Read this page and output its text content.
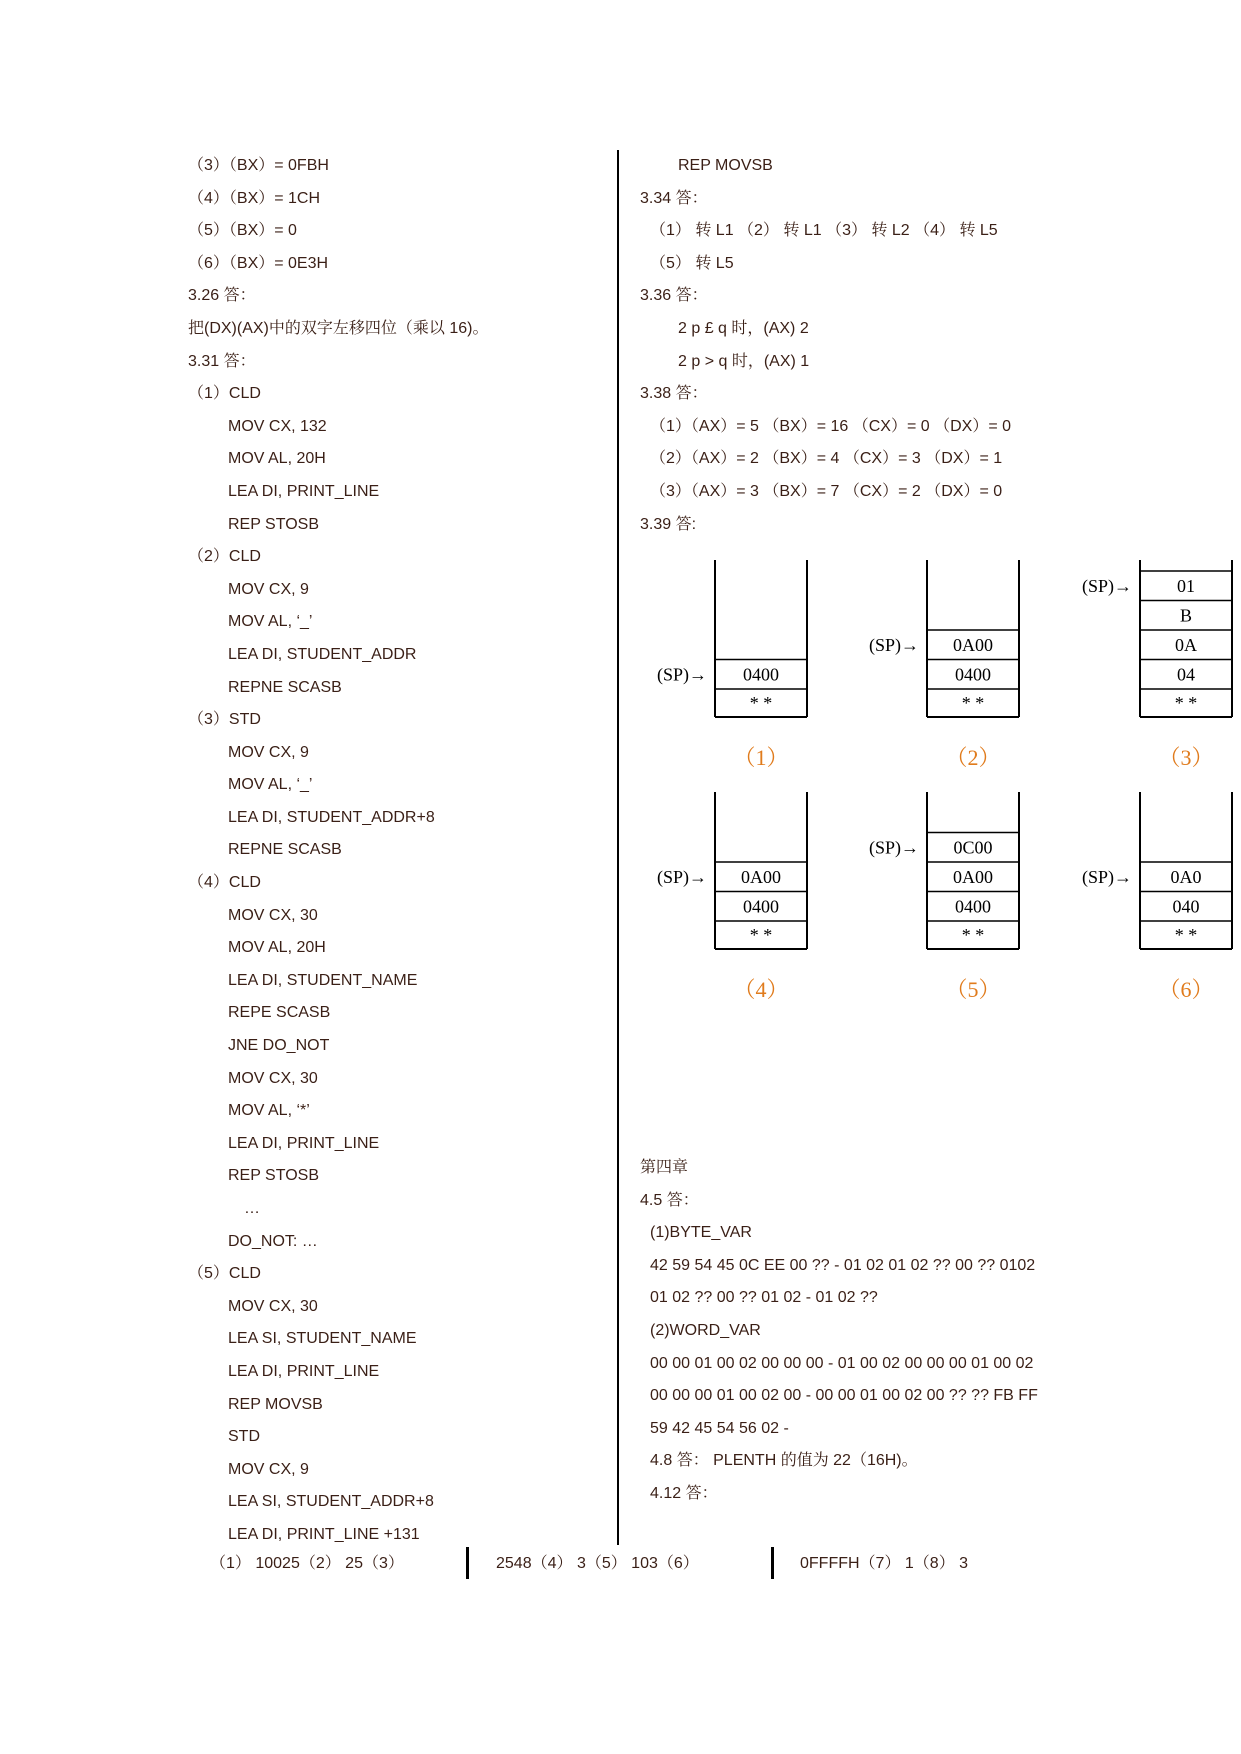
（3）（BX）= 0FBH
（4）（BX）= 1CH
（5）（BX）= 0
（6）（BX）= 0E3H
3.26 答：
把(DX)(AX)中的双字左移四位（乘以 16)。
3.31 答：
（1）CLD
MOV CX, 132
MOV AL, 20H
LEA DI, PRINT_LINE
REP STOSB
（2）CLD
MOV CX, 9
MOV AL, ‘_’
LEA DI, STUDENT_ADDR
REPNE SCASB
（3）STD
MOV CX, 9
MOV AL, ‘_’
LEA DI, STUDENT_ADDR+8
REPNE SCASB
（4）CLD
MOV CX, 30
MOV AL, 20H
LEA DI, STUDENT_NAME
REPE SCASB
JNE DO_NOT
MOV CX, 30
MOV AL, ‘*’
LEA DI, PRINT_LINE
REP STOSB
…
DO_NOT: …
（5）CLD
MOV CX, 30
LEA SI, STUDENT_NAME
LEA DI, PRINT_LINE
REP MOVSB
STD
MOV CX, 9
LEA SI, STUDENT_ADDR+8
LEA DI, PRINT_LINE +131
REP MOVSB
3.34 答：
（1） 转 L1 （2） 转 L1 （3） 转 L2 （4） 转 L5
（5） 转 L5
3.36 答：
2 p £ q 时，(AX) 2
2 p > q 时，(AX) 1
3.38 答：
（1）（AX）= 5 （BX）= 16 （CX）= 0 （DX）= 0
（2）（AX）= 2 （BX）= 4 （CX）= 3 （DX）= 1
（3）（AX）= 3 （BX）= 7 （CX）= 2 （DX）= 0
3.39 答:
* *
0400
(SP)→
（1）
* *
0400
0A00
(SP)→
（2）
* *
04
0A
B
01
(SP)→
（3）
* *
0400
0A00
(SP)→
（4）
* *
0400
0A00
0C00
(SP)→
（5）
* *
040
0A0
(SP)→
（6）
第四章
4.5 答：
(1)BYTE_VAR
42 59 54 45 0C EE 00 ?? - 01 02 01 02 ?? 00 ?? 0102
01 02 ?? 00 ?? 01 02 - 01 02 ??
(2)WORD_VAR
00 00 01 00 02 00 00 00 - 01 00 02 00 00 00 01 00 02
00 00 00 01 00 02 00 - 00 00 01 00 02 00 ?? ?? FB FF
59 42 45 54 56 02 -
4.8 答： PLENTH 的值为 22（16H)。
4.12 答：
（1） 10025（2） 25（3）	2548（4） 3（5） 103（6）	0FFFFH（7） 1（8） 3
